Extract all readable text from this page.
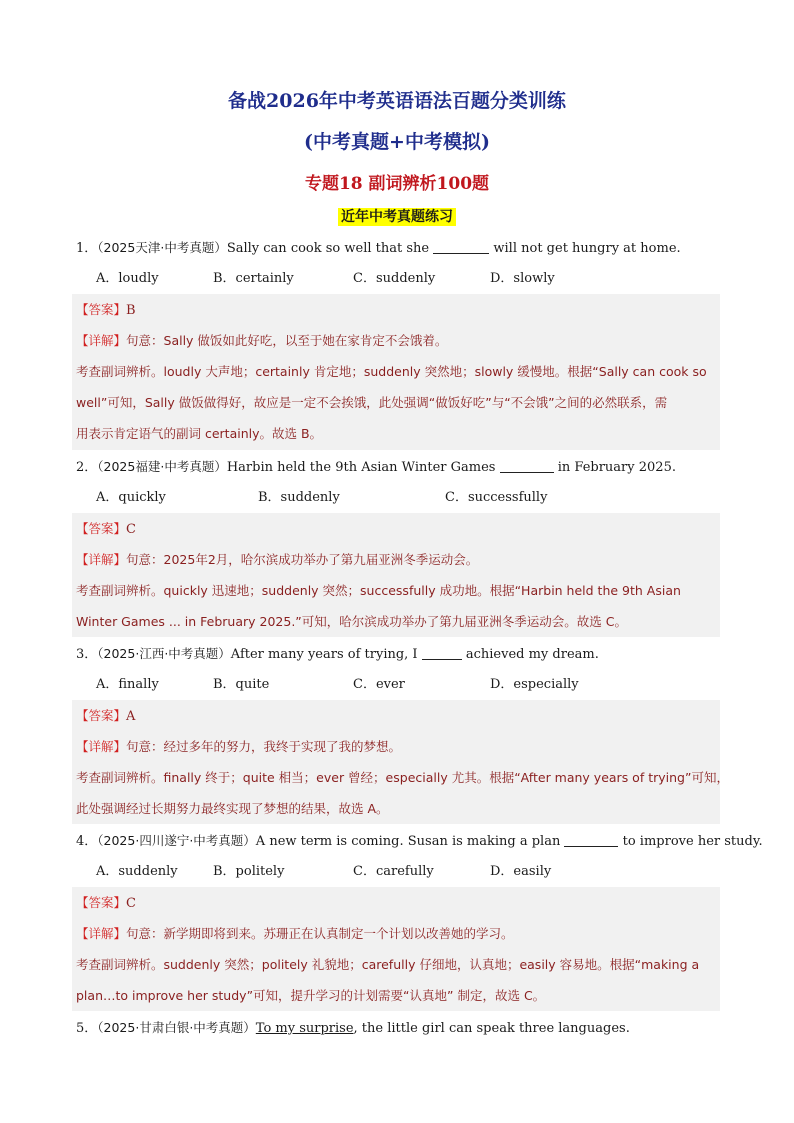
备战2026年中考英语语法百题分类训练
(中考真题+中考模拟)
专题18 副词辨析100题
近年中考真题练习
1．（2025天津·中考真题）Sally can cook so well that she	will not get hungry at home.
A．loudly	B．certainly	C．suddenly	D．slowly
【答案】B
【详解】句意：Sally 做饭如此好吃，以至于她在家肯定不会饿着。
考查副词辨析。loudly 大声地；certainly 肯定地；suddenly 突然地；slowly 缓慢地。根据“Sally can cook so
well”可知，Sally 做饭做得好，故应是一定不会挨饿，此处强调“做饭好吃”与“不会饿”之间的必然联系，需
用表示肯定语气的副词 certainly。故选 B。
2．（2025福建·中考真题）Harbin held the 9th Asian Winter Games	in February 2025.
A．quickly	B．suddenly	C．successfully
【答案】C
【详解】句意：2025年2月，哈尔滨成功举办了第九届亚洲冬季运动会。
考查副词辨析。quickly 迅速地；suddenly 突然；successfully 成功地。根据“Harbin held the 9th Asian
Winter Games ... in February 2025.”可知，哈尔滨成功举办了第九届亚洲冬季运动会。故选 C。
3．（2025·江西·中考真题）After many years of trying, I	achieved my dream.
A．finally	B．quite	C．ever	D．especially
【答案】A
【详解】句意：经过多年的努力，我终于实现了我的梦想。
考查副词辨析。finally 终于；quite 相当；ever 曾经；especially 尤其。根据“After many years of trying”可知，
此处强调经过长期努力最终实现了梦想的结果，故选 A。
4．（2025·四川遂宁·中考真题）A new term is coming. Susan is making a plan	to improve her study.
A．suddenly	B．politely	C．carefully	D．easily
【答案】C
【详解】句意：新学期即将到来。苏珊正在认真制定一个计划以改善她的学习。
考查副词辨析。suddenly 突然；politely 礼貌地；carefully 仔细地，认真地；easily 容易地。根据“making a
plan…to improve her study”可知，提升学习的计划需要“认真地” 制定，故选 C。
5．（2025·甘肃白银·中考真题）To my surprise, the little girl can speak three languages.
